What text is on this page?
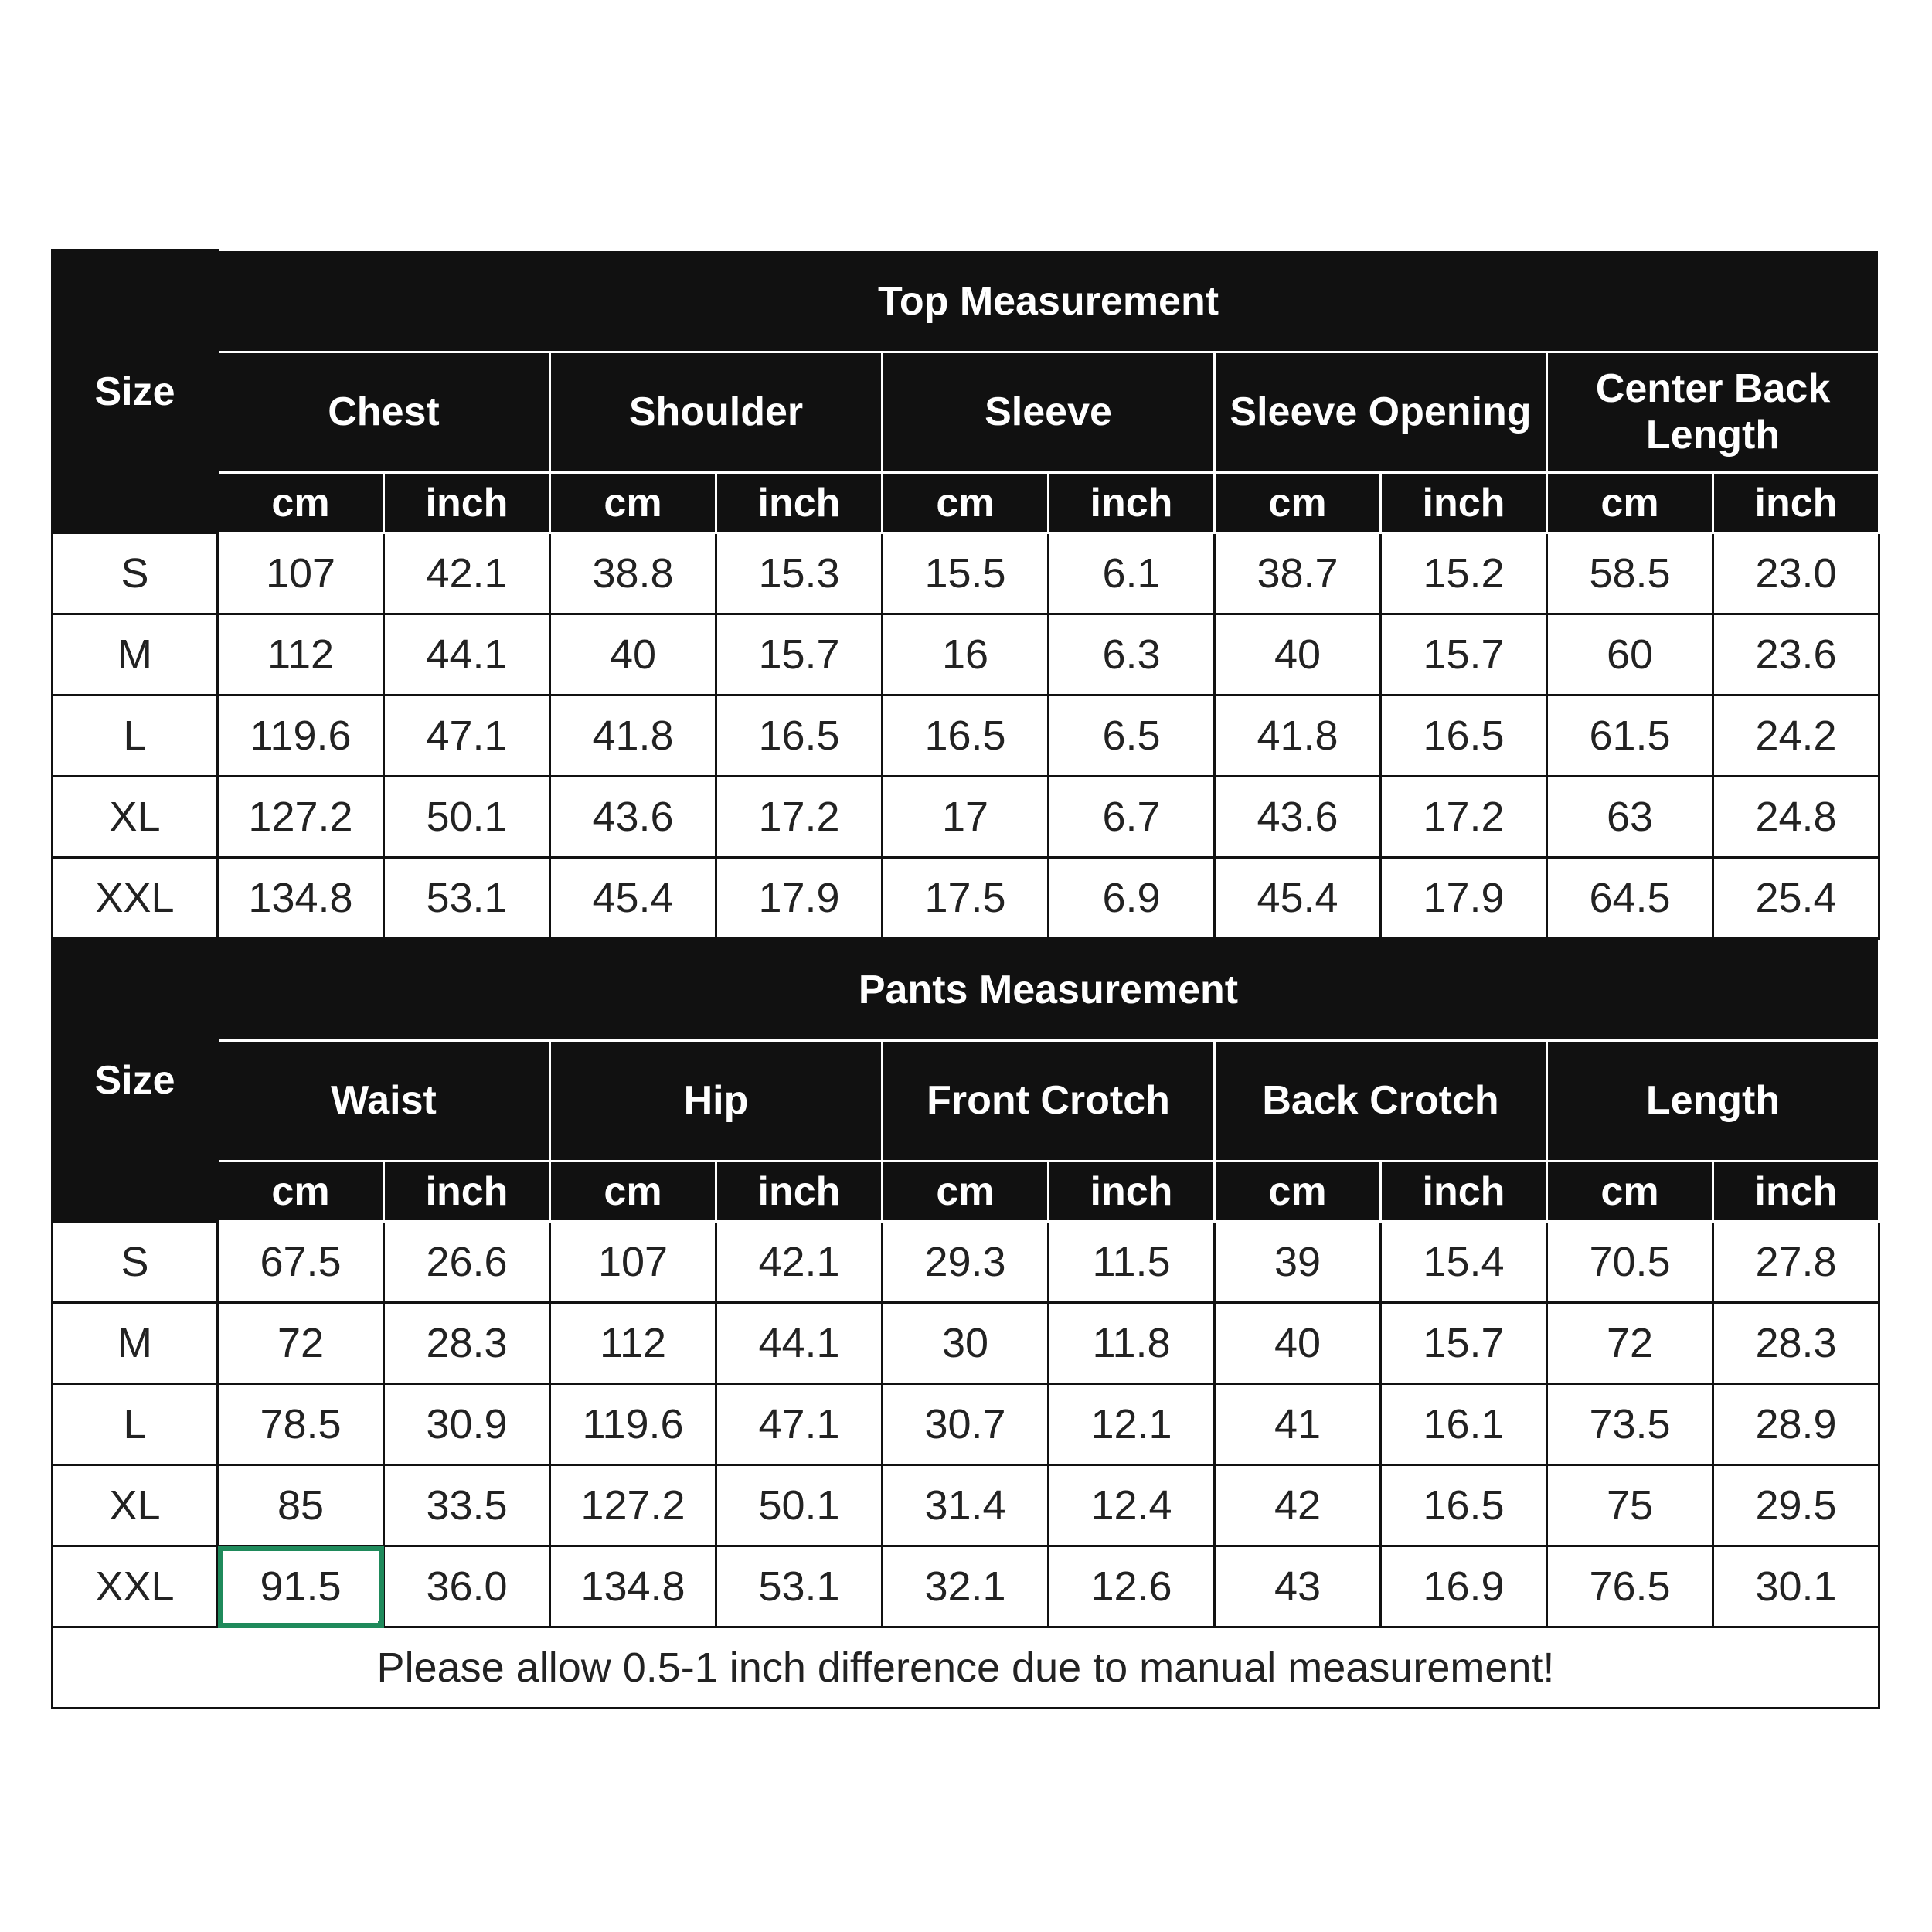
Size	Top Measurement									
	Chest		Shoulder		Sleeve		Sleeve Opening		Center Back Length	
	cm	inch	cm	inch	cm	inch	cm	inch	cm	inch
S	107	42.1	38.8	15.3	15.5	6.1	38.7	15.2	58.5	23.0
M	112	44.1	40	15.7	16	6.3	40	15.7	60	23.6
L	119.6	47.1	41.8	16.5	16.5	6.5	41.8	16.5	61.5	24.2
XL	127.2	50.1	43.6	17.2	17	6.7	43.6	17.2	63	24.8
XXL	134.8	53.1	45.4	17.9	17.5	6.9	45.4	17.9	64.5	25.4
Size	Pants Measurement									
	Waist		Hip		Front Crotch		Back Crotch		Length	
	cm	inch	cm	inch	cm	inch	cm	inch	cm	inch
S	67.5	26.6	107	42.1	29.3	11.5	39	15.4	70.5	27.8
M	72	28.3	112	44.1	30	11.8	40	15.7	72	28.3
L	78.5	30.9	119.6	47.1	30.7	12.1	41	16.1	73.5	28.9
XL	85	33.5	127.2	50.1	31.4	12.4	42	16.5	75	29.5
XXL	91.5	36.0	134.8	53.1	32.1	12.6	43	16.9	76.5	30.1
Please allow 0.5-1 inch difference due to manual measurement!										
